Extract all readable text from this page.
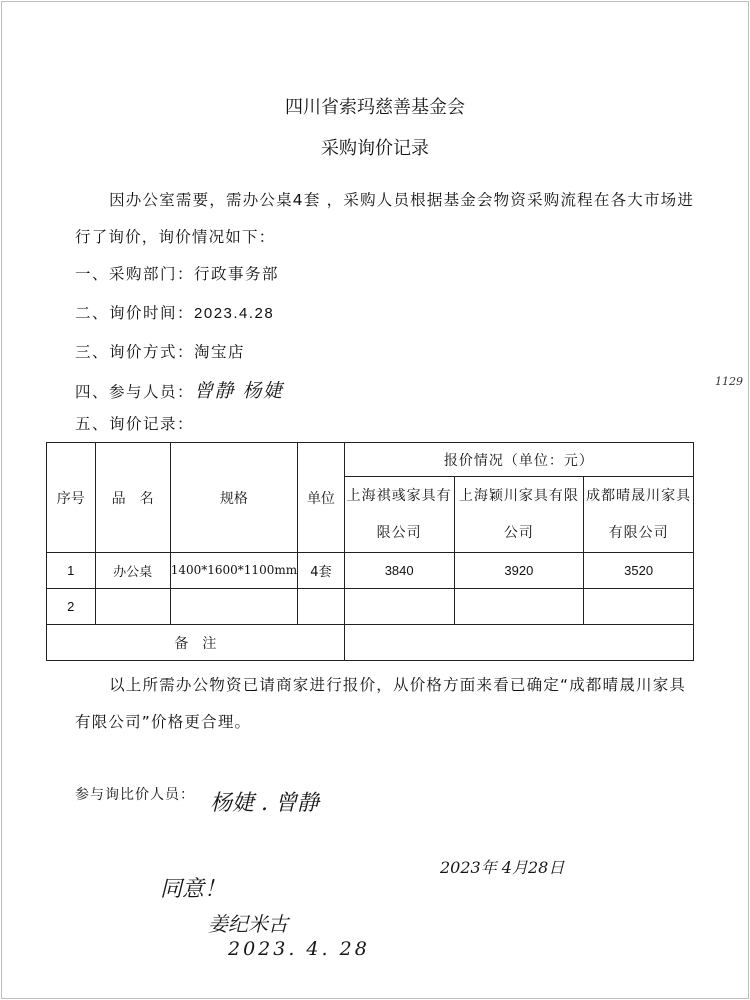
四川省索玛慈善基金会
采购询价记录
因办公室需要，需办公桌4套 ，采购人员根据基金会物资采购流程在各大市场进行了询价，询价情况如下：
一、采购部门：行政事务部
二、询价时间：2023.4.28
三、询价方式：淘宝店
四、参与人员：曾静 杨婕
五、询价记录：
1129
序号	品　名	规格	单位	报价情况（单位：元）		
				上海祺彧家具有限公司	上海颖川家具有限公司	成都晴晟川家具有限公司

1	办公桌	1400*1600*1100mm	4套	3840	3920	3520
2						
备　注						
以上所需办公物资已请商家进行报价，从价格方面来看已确定“成都晴晟川家具有限公司”价格更合理。
参与询比价人员： 杨婕 . 曾静
2023年 4月28日
同意！
姜纪米古
2023. 4. 28
